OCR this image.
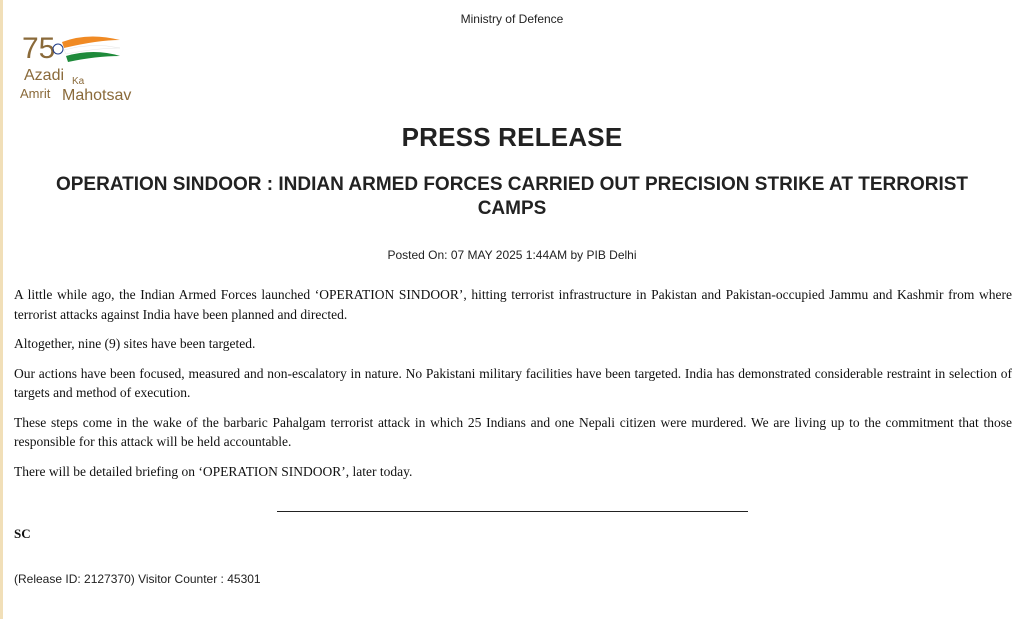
Ministry of Defence
75
Azadi Ka
Amrit Mahotsav
PRESS RELEASE
OPERATION SINDOOR : INDIAN ARMED FORCES CARRIED OUT PRECISION STRIKE AT TERRORIST CAMPS
Posted On: 07 MAY 2025 1:44AM by PIB Delhi

A little while ago, the Indian Armed Forces launched ‘OPERATION SINDOOR’, hitting terrorist infrastructure in Pakistan and Pakistan-occupied Jammu and Kashmir from where terrorist attacks against India have been planned and directed.

Altogether, nine (9) sites have been targeted.

Our actions have been focused, measured and non-escalatory in nature. No Pakistani military facilities have been targeted. India has demonstrated considerable restraint in selection of targets and method of execution.

These steps come in the wake of the barbaric Pahalgam terrorist attack in which 25 Indians and one Nepali citizen were murdered. We are living up to the commitment that those responsible for this attack will be held accountable.

There will be detailed briefing on ‘OPERATION SINDOOR’, later today.

SC
(Release ID: 2127370) Visitor Counter : 45301
